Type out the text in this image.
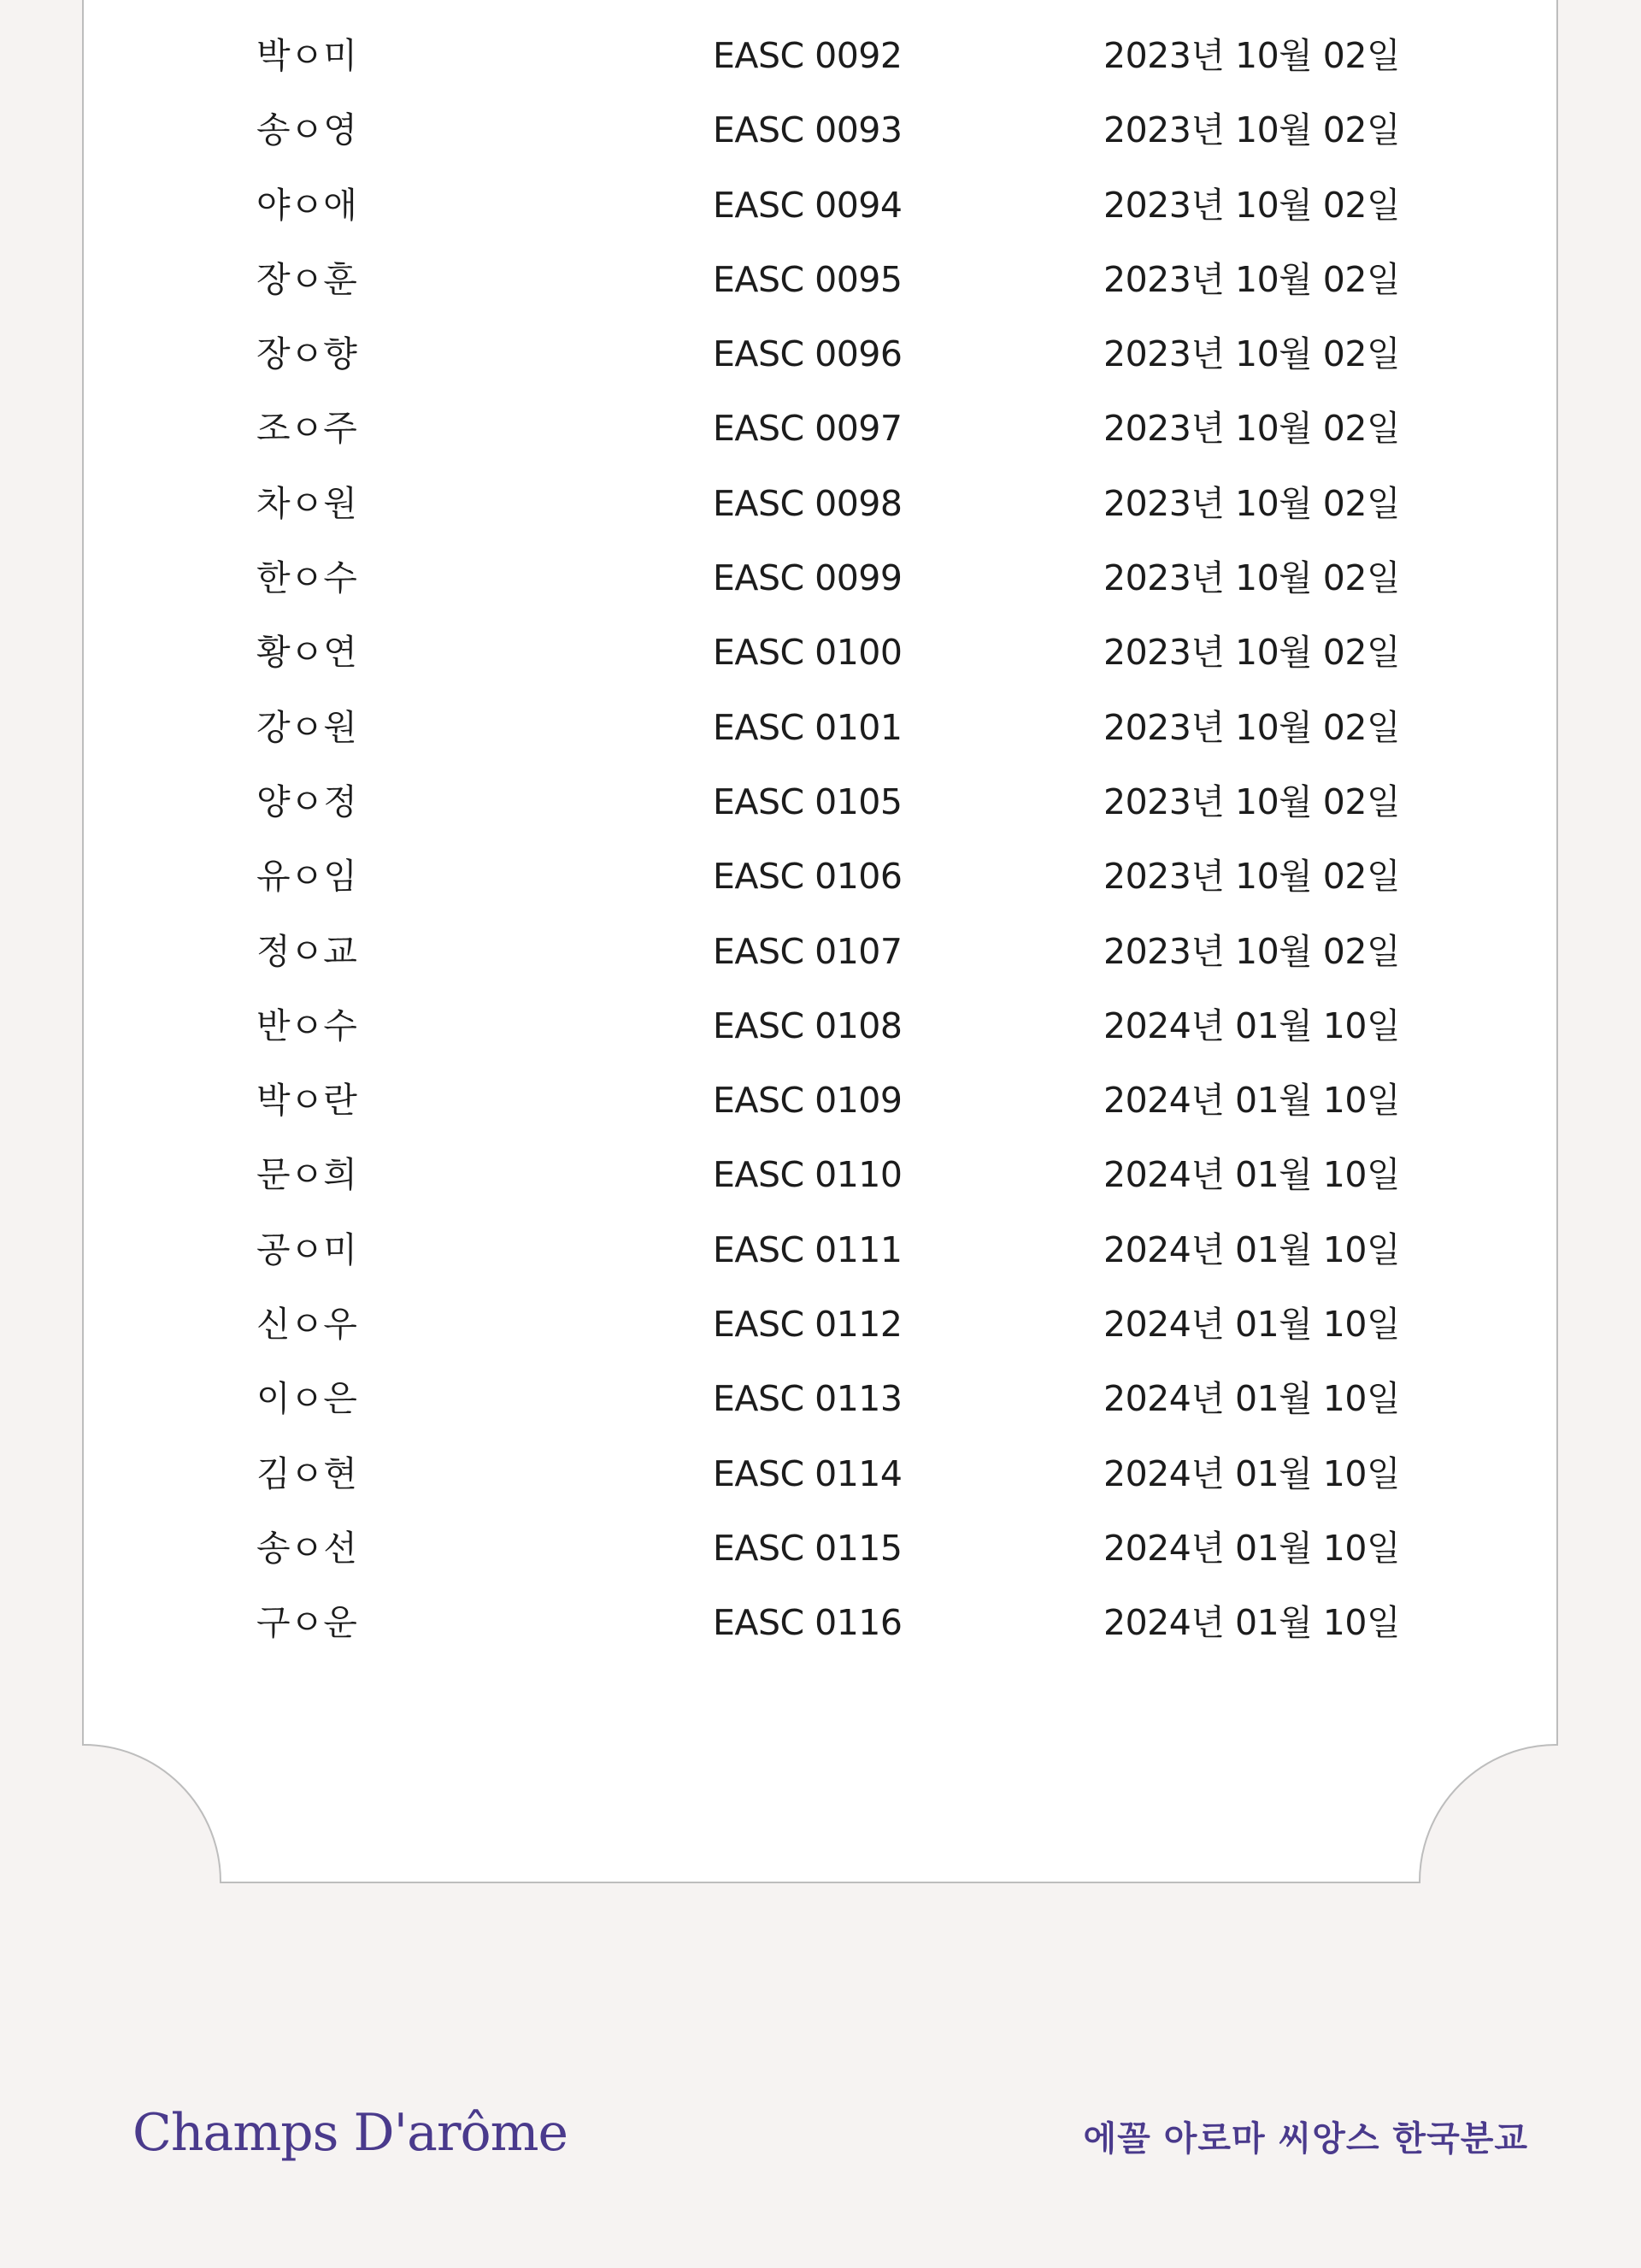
박ㅇ미	EASC 0092	2023년 10월 02일
송ㅇ영	EASC 0093	2023년 10월 02일
야ㅇ애	EASC 0094	2023년 10월 02일
장ㅇ훈	EASC 0095	2023년 10월 02일
장ㅇ향	EASC 0096	2023년 10월 02일
조ㅇ주	EASC 0097	2023년 10월 02일
차ㅇ원	EASC 0098	2023년 10월 02일
한ㅇ수	EASC 0099	2023년 10월 02일
황ㅇ연	EASC 0100	2023년 10월 02일
강ㅇ원	EASC 0101	2023년 10월 02일
양ㅇ정	EASC 0105	2023년 10월 02일
유ㅇ임	EASC 0106	2023년 10월 02일
정ㅇ교	EASC 0107	2023년 10월 02일
반ㅇ수	EASC 0108	2024년 01월 10일
박ㅇ란	EASC 0109	2024년 01월 10일
문ㅇ희	EASC 0110	2024년 01월 10일
공ㅇ미	EASC 0111	2024년 01월 10일
신ㅇ우	EASC 0112	2024년 01월 10일
이ㅇ은	EASC 0113	2024년 01월 10일
김ㅇ현	EASC 0114	2024년 01월 10일
송ㅇ선	EASC 0115	2024년 01월 10일
구ㅇ운	EASC 0116	2024년 01월 10일
Champs D'arôme	에꼴 아로마 씨앙스 한국분교
